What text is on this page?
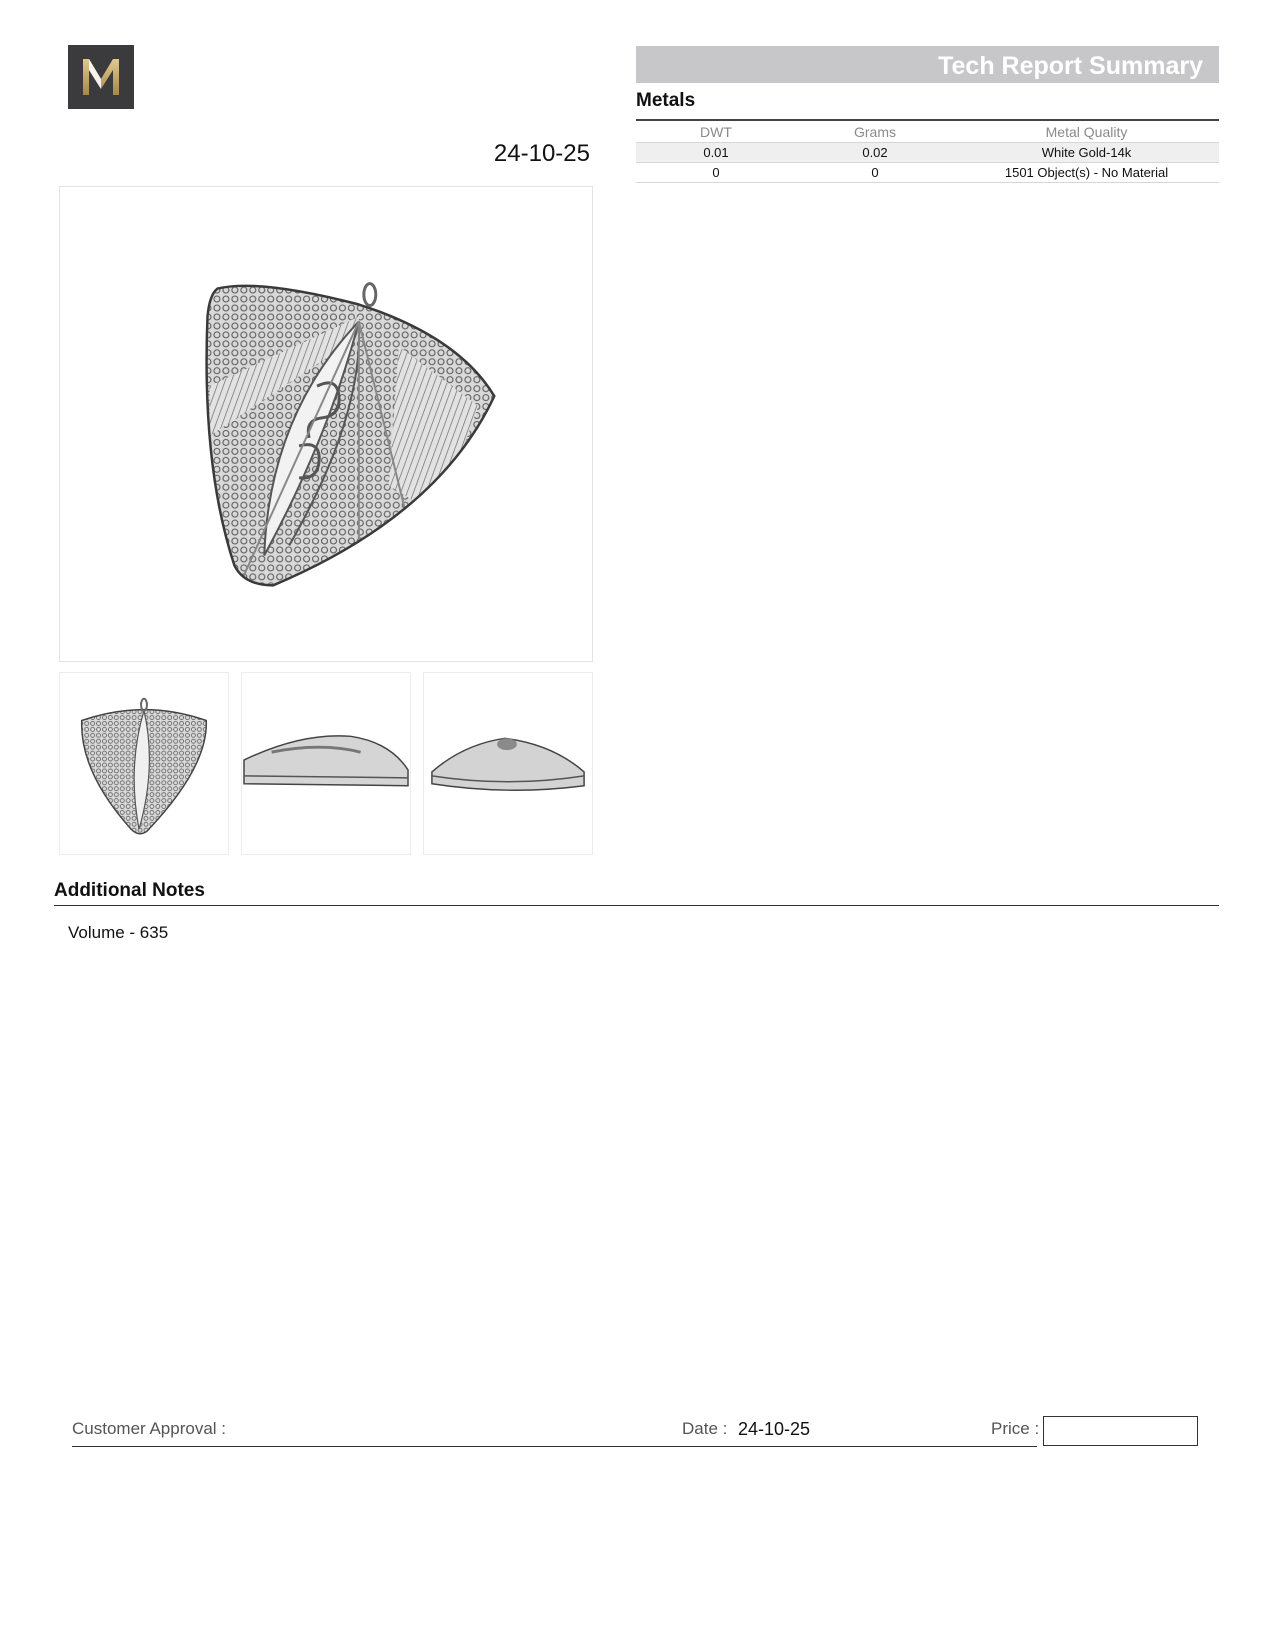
24-10-25
Tech Report Summary
Metals
DWT	Grams	Metal Quality
0.01	0.02	White Gold-14k
0	0	1501 Object(s) - No Material
Additional Notes
Volume - 635
Customer Approval :	Date : 24-10-25	Price :
